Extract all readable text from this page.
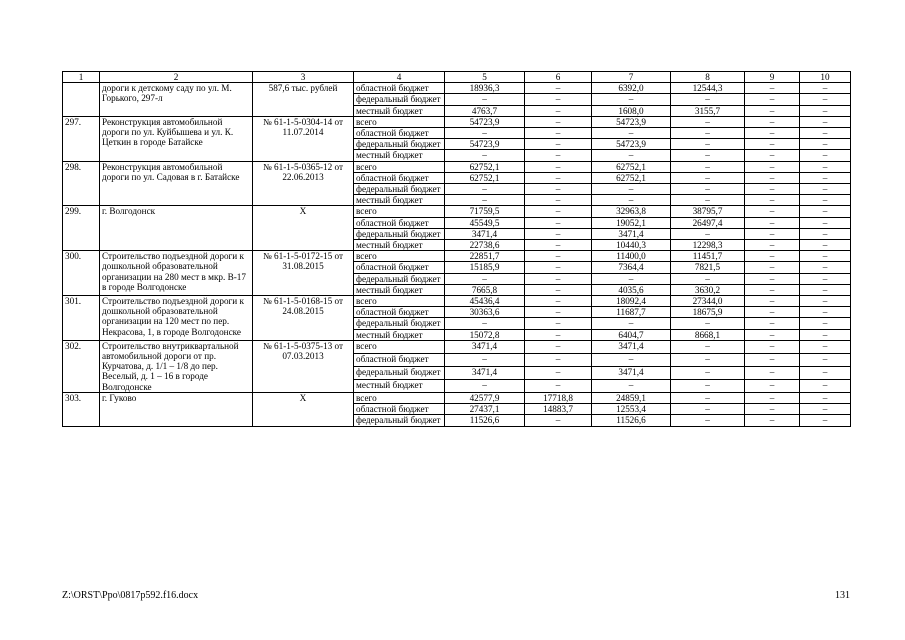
1	2	3	4	5	6	7	8	9	10
	дороги к детскому саду по ул. М. Горького, 297-л	587,6 тыс. рублей	областной бюджет	18936,3	–	6392,0	12544,3	–	–
			федеральный бюджет	–	–	–	–	–	–
			местный бюджет	4763,7	–	1608,0	3155,7	–	–
297.	Реконструкция автомобильной дороги по ул. Куйбышева и ул. К. Цеткин в городе Батайске	№ 61-1-5-0304-14 от 11.07.2014	всего	54723,9	–	54723,9	–	–	–
			областной бюджет	–	–	–	–	–	–
			федеральный бюджет	54723,9	–	54723,9	–	–	–
			местный бюджет	–	–	–	–	–	–
298.	Реконструкция автомобильной дороги по ул. Садовая в г. Батайске	№ 61-1-5-0365-12 от 22.06.2013	всего	62752,1	–	62752,1	–	–	–
			областной бюджет	62752,1	–	62752,1	–	–	–
			федеральный бюджет	–	–	–	–	–	–
			местный бюджет	–	–	–	–	–	–
299.	г. Волгодонск	Х	всего	71759,5	–	32963,8	38795,7	–	–
			областной бюджет	45549,5	–	19052,1	26497,4	–	–
			федеральный бюджет	3471,4	–	3471,4	–	–	–
			местный бюджет	22738,6	–	10440,3	12298,3	–	–
300.	Строительство подъездной дороги к дошкольной образовательной организации на 280 мест в мкр. В-17 в городе Волгодонске	№ 61-1-5-0172-15 от 31.08.2015	всего	22851,7	–	11400,0	11451,7	–	–
			областной бюджет	15185,9	–	7364,4	7821,5	–	–
			федеральный бюджет	–	–	–	–	–	–
			местный бюджет	7665,8	–	4035,6	3630,2	–	–
301.	Строительство подъездной дороги к дошкольной образовательной организации на 120 мест по пер. Некрасова, 1, в городе Волгодонске	№ 61-1-5-0168-15 от 24.08.2015	всего	45436,4	–	18092,4	27344,0	–	–
			областной бюджет	30363,6	–	11687,7	18675,9	–	–
			федеральный бюджет	–	–	–	–	–	–
			местный бюджет	15072,8	–	6404,7	8668,1	–	–
302.	Строительство внутриквартальной автомобильной дороги от пр. Курчатова, д. 1/1 – 1/8 до пер. Веселый, д. 1 – 16 в городе Волгодонске	№ 61-1-5-0375-13 от 07.03.2013	всего	3471,4	–	3471,4	–	–	–
			областной бюджет	–	–	–	–	–	–
			федеральный бюджет	3471,4	–	3471,4	–	–	–
			местный бюджет	–	–	–	–	–	–
303.	г. Гуково	Х	всего	42577,9	17718,8	24859,1	–	–	–
			областной бюджет	27437,1	14883,7	12553,4	–	–	–
			федеральный бюджет	11526,6	–	11526,6	–	–	–
Z:\ORST\Ppo\0817p592.f16.docx	131
